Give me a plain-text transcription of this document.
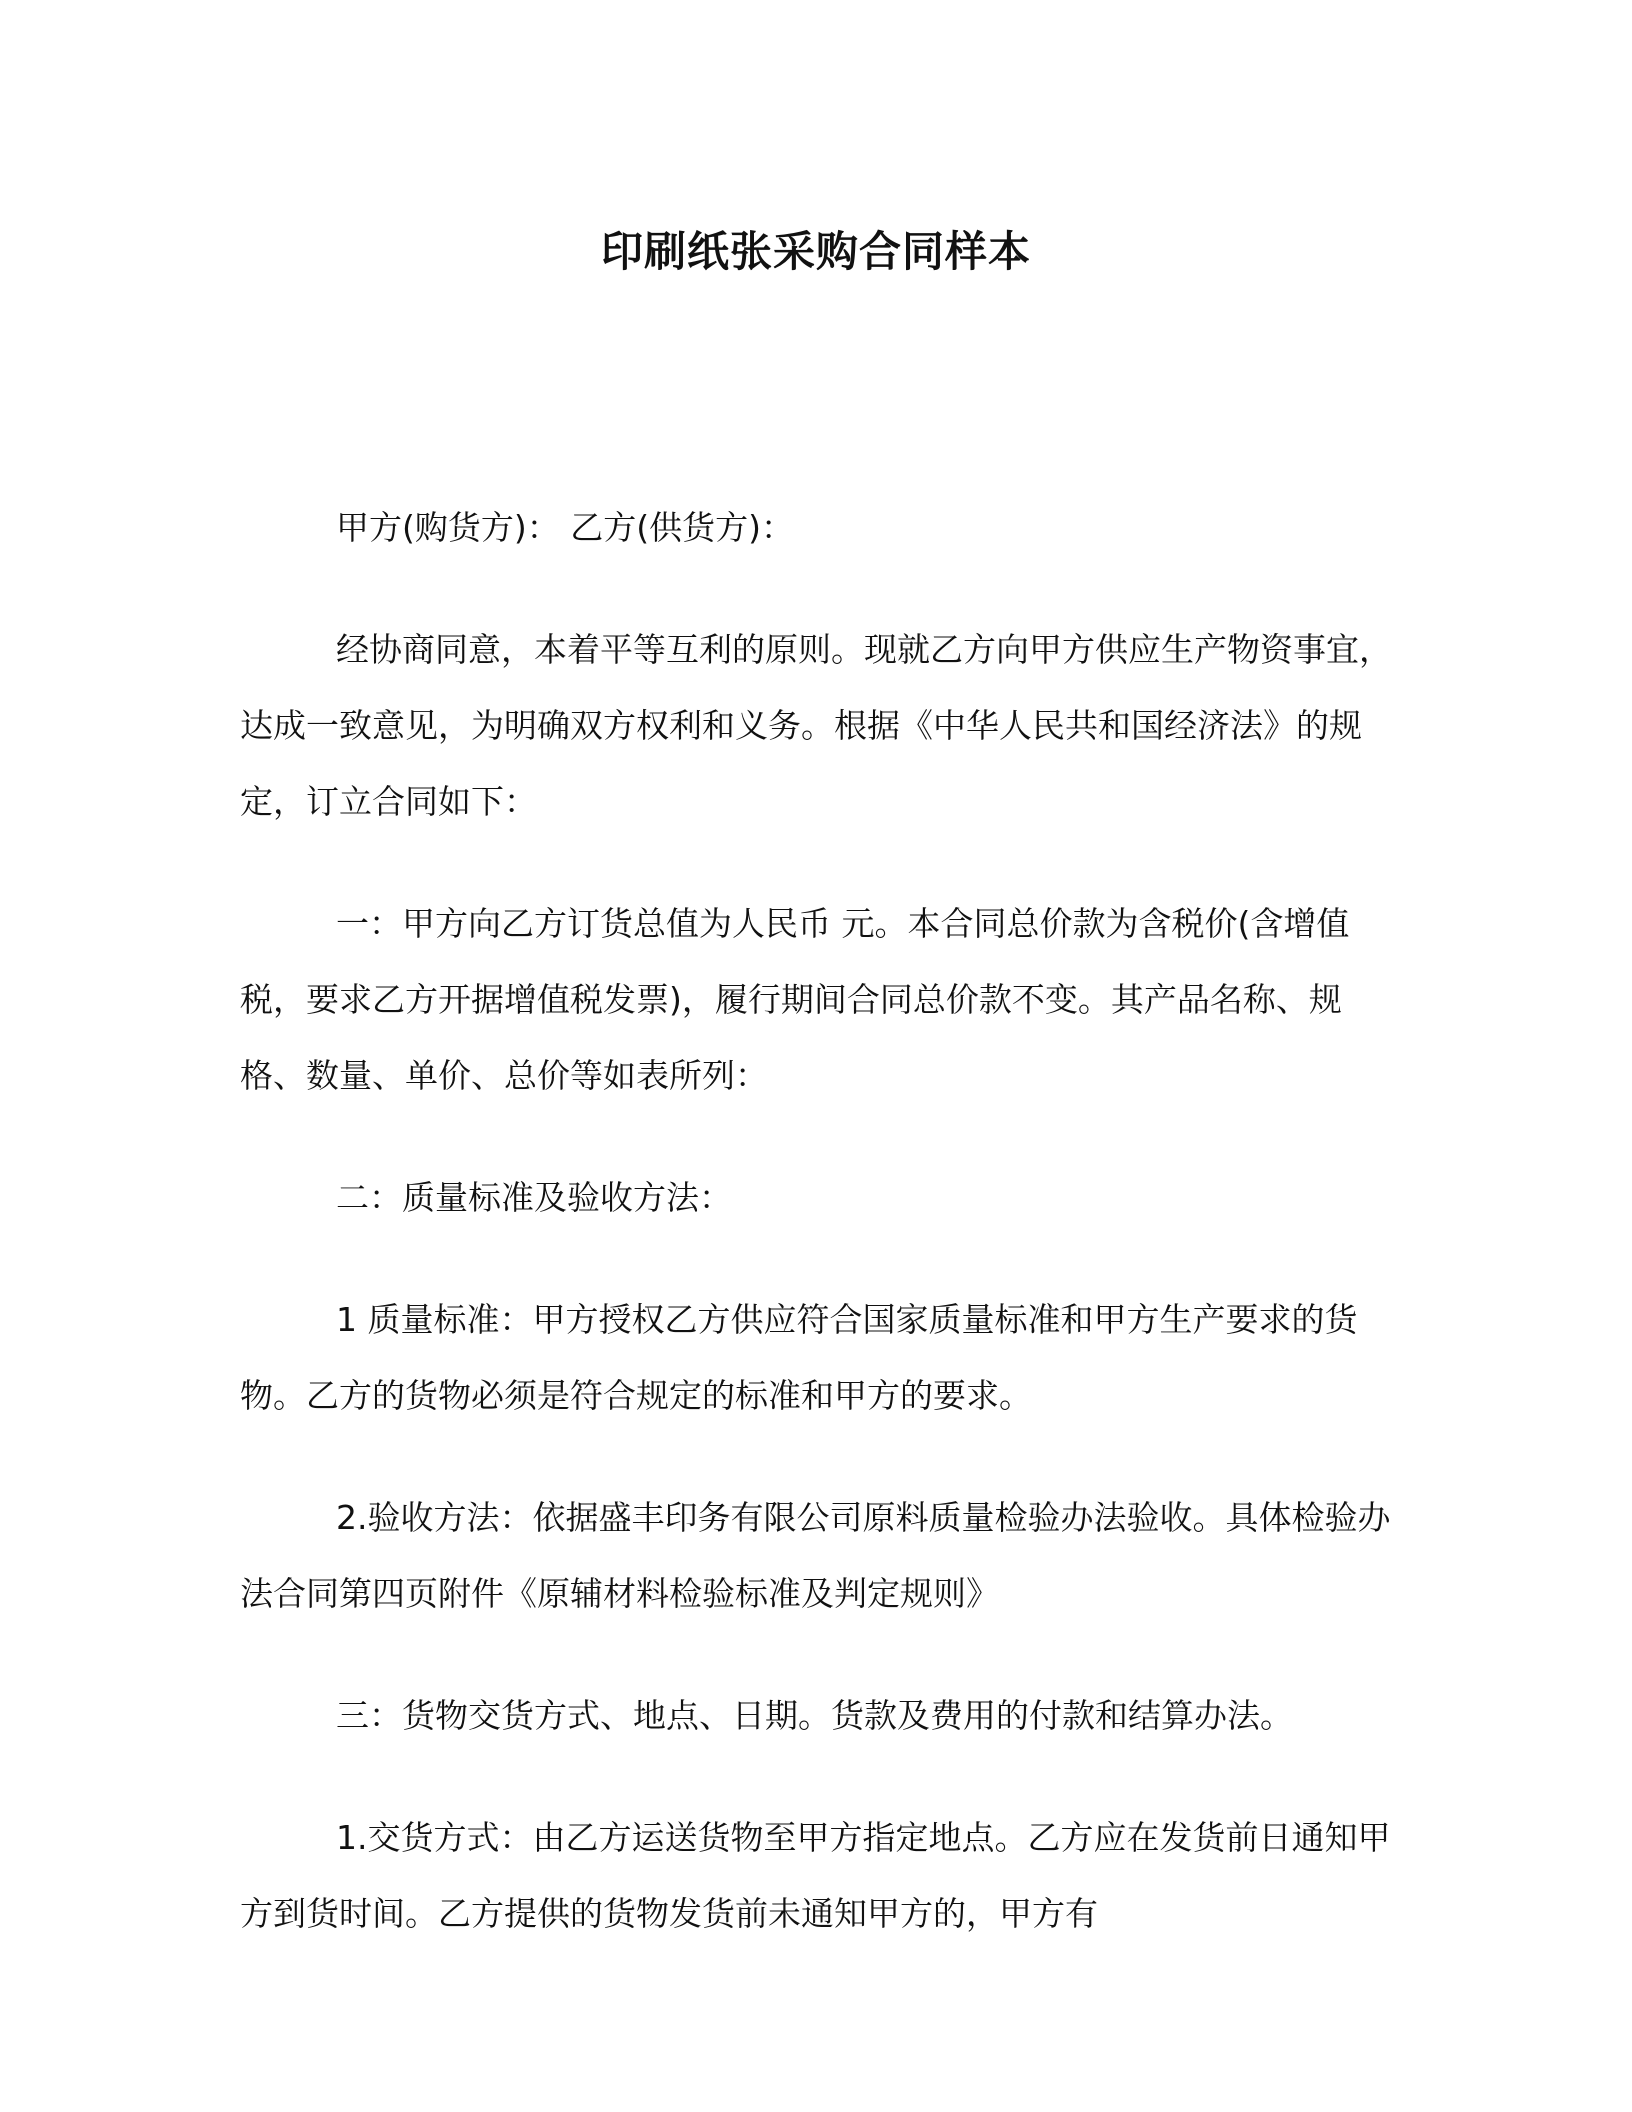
印刷纸张采购合同样本

甲方(购货方)： 乙方(供货方)：

经协商同意，本着平等互利的原则。现就乙方向甲方供应生产物资事宜，达成一致意见，为明确双方权利和义务。根据《中华人民共和国经济法》的规定，订立合同如下：

一：甲方向乙方订货总值为人民币 元。本合同总价款为含税价(含增值税，要求乙方开据增值税发票)，履行期间合同总价款不变。其产品名称、规格、数量、单价、总价等如表所列：

二：质量标准及验收方法：

1 质量标准：甲方授权乙方供应符合国家质量标准和甲方生产要求的货物。乙方的货物必须是符合规定的标准和甲方的要求。

2.验收方法：依据盛丰印务有限公司原料质量检验办法验收。具体检验办法合同第四页附件《原辅材料检验标准及判定规则》

三：货物交货方式、地点、日期。货款及费用的付款和结算办法。

1.交货方式：由乙方运送货物至甲方指定地点。乙方应在发货前日通知甲方到货时间。乙方提供的货物发货前未通知甲方的，甲方有
